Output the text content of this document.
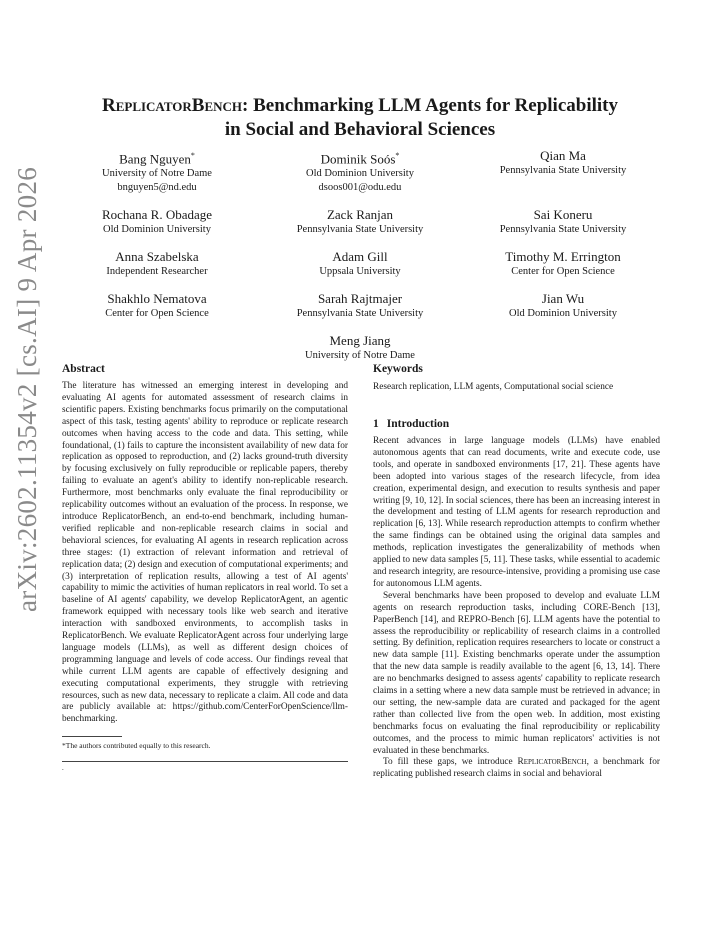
arXiv:2602.11354v2 [cs.AI] 9 Apr 2026
ReplicatorBench: Benchmarking LLM Agents for Replicability
in Social and Behavioral Sciences
Bang Nguyen*
University of Notre Dame
bnguyen5@nd.edu
Dominik Soós*
Old Dominion University
dsoos001@odu.edu
Qian Ma
Pennsylvania State University
Rochana R. Obadage
Old Dominion University
Zack Ranjan
Pennsylvania State University
Sai Koneru
Pennsylvania State University
Anna Szabelska
Independent Researcher
Adam Gill
Uppsala University
Timothy M. Errington
Center for Open Science
Shakhlo Nematova
Center for Open Science
Sarah Rajtmajer
Pennsylvania State University
Jian Wu
Old Dominion University
Meng Jiang
University of Notre Dame
Abstract

The literature has witnessed an emerging interest in developing and evaluating AI agents for automated assessment of research claims in scientific papers. Existing benchmarks focus primarily on the computational aspect of this task, testing agents' ability to reproduce or replicate research outcomes when having access to the code and data. This setting, while foundational, (1) fails to capture the inconsistent availability of new data for replication as opposed to reproduction, and (2) lacks ground-truth diversity by focusing exclusively on fully reproducible or replicable papers, thereby failing to evaluate an agent's ability to identify non-replicable research. Furthermore, most benchmarks only evaluate the final reproducibility or replicability outcomes without an evaluation of the process. In response, we introduce ReplicatorBench, an end-to-end benchmark, including human-verified replicable and non-replicable research claims in social and behavioral sciences, for evaluating AI agents in research replication across three stages: (1) extraction of relevant information and retrieval of replication data; (2) design and execution of computational experiments; and (3) interpretation of replication results, allowing a test of AI agents' capability to mimic the activities of human replicators in real world. To set a baseline of AI agents' capability, we develop ReplicatorAgent, an agentic framework equipped with necessary tools like web search and iterative interaction with sandboxed environments, to accomplish tasks in ReplicatorBench. We evaluate ReplicatorAgent across four underlying large language models (LLMs), as well as different design choices of programming language and levels of code access. Our findings reveal that while current LLM agents are capable of effectively designing and executing computational experiments, they struggle with retrieving resources, such as new data, necessary to replicate a claim. All code and data are publicly available at: https://github.com/CenterForOpenScience/llm-benchmarking.

*The authors contributed equally to this research.
.
Keywords

Research replication, LLM agents, Computational social science

1 Introduction

Recent advances in large language models (LLMs) have enabled autonomous agents that can read documents, write and execute code, use tools, and operate in sandboxed environments [17, 21]. These agents have been adopted into various stages of the research lifecycle, from idea creation, experimental design, and execution to results synthesis and paper writing [9, 10, 12]. In social sciences, there has been an increasing interest in the development and testing of LLM agents for research reproduction and replication [6, 13]. While research reproduction attempts to confirm whether the same findings can be obtained using the original data samples and methods, replication investigates the generalizability of methods when applied to new data samples [5, 11]. These tasks, while essential to academic and research integrity, are resource-intensive, providing a promising use case for autonomous LLM agents.

Several benchmarks have been proposed to develop and evaluate LLM agents on research reproduction tasks, including CORE-Bench [13], PaperBench [14], and REPRO-Bench [6]. LLM agents have the potential to assess the reproducibility or replicability of research claims in a controlled setting. By definition, replication requires researchers to locate or construct a new data sample [11]. Existing benchmarks operate under the assumption that the new data sample is readily available to the agent [6, 13, 14]. There are no benchmarks designed to assess agents' capability to replicate research claims in a setting where a new data sample must be retrieved in advance; in our setting, the new-sample data are curated and packaged for the agent rather than collected live from the open web. In addition, most existing benchmarks focus on evaluating the final reproducibility or replicability outcomes, and the process to mimic human replicators' activities is not evaluated in these benchmarks.

To fill these gaps, we introduce ReplicatorBench, a benchmark for replicating published research claims in social and behavioral
